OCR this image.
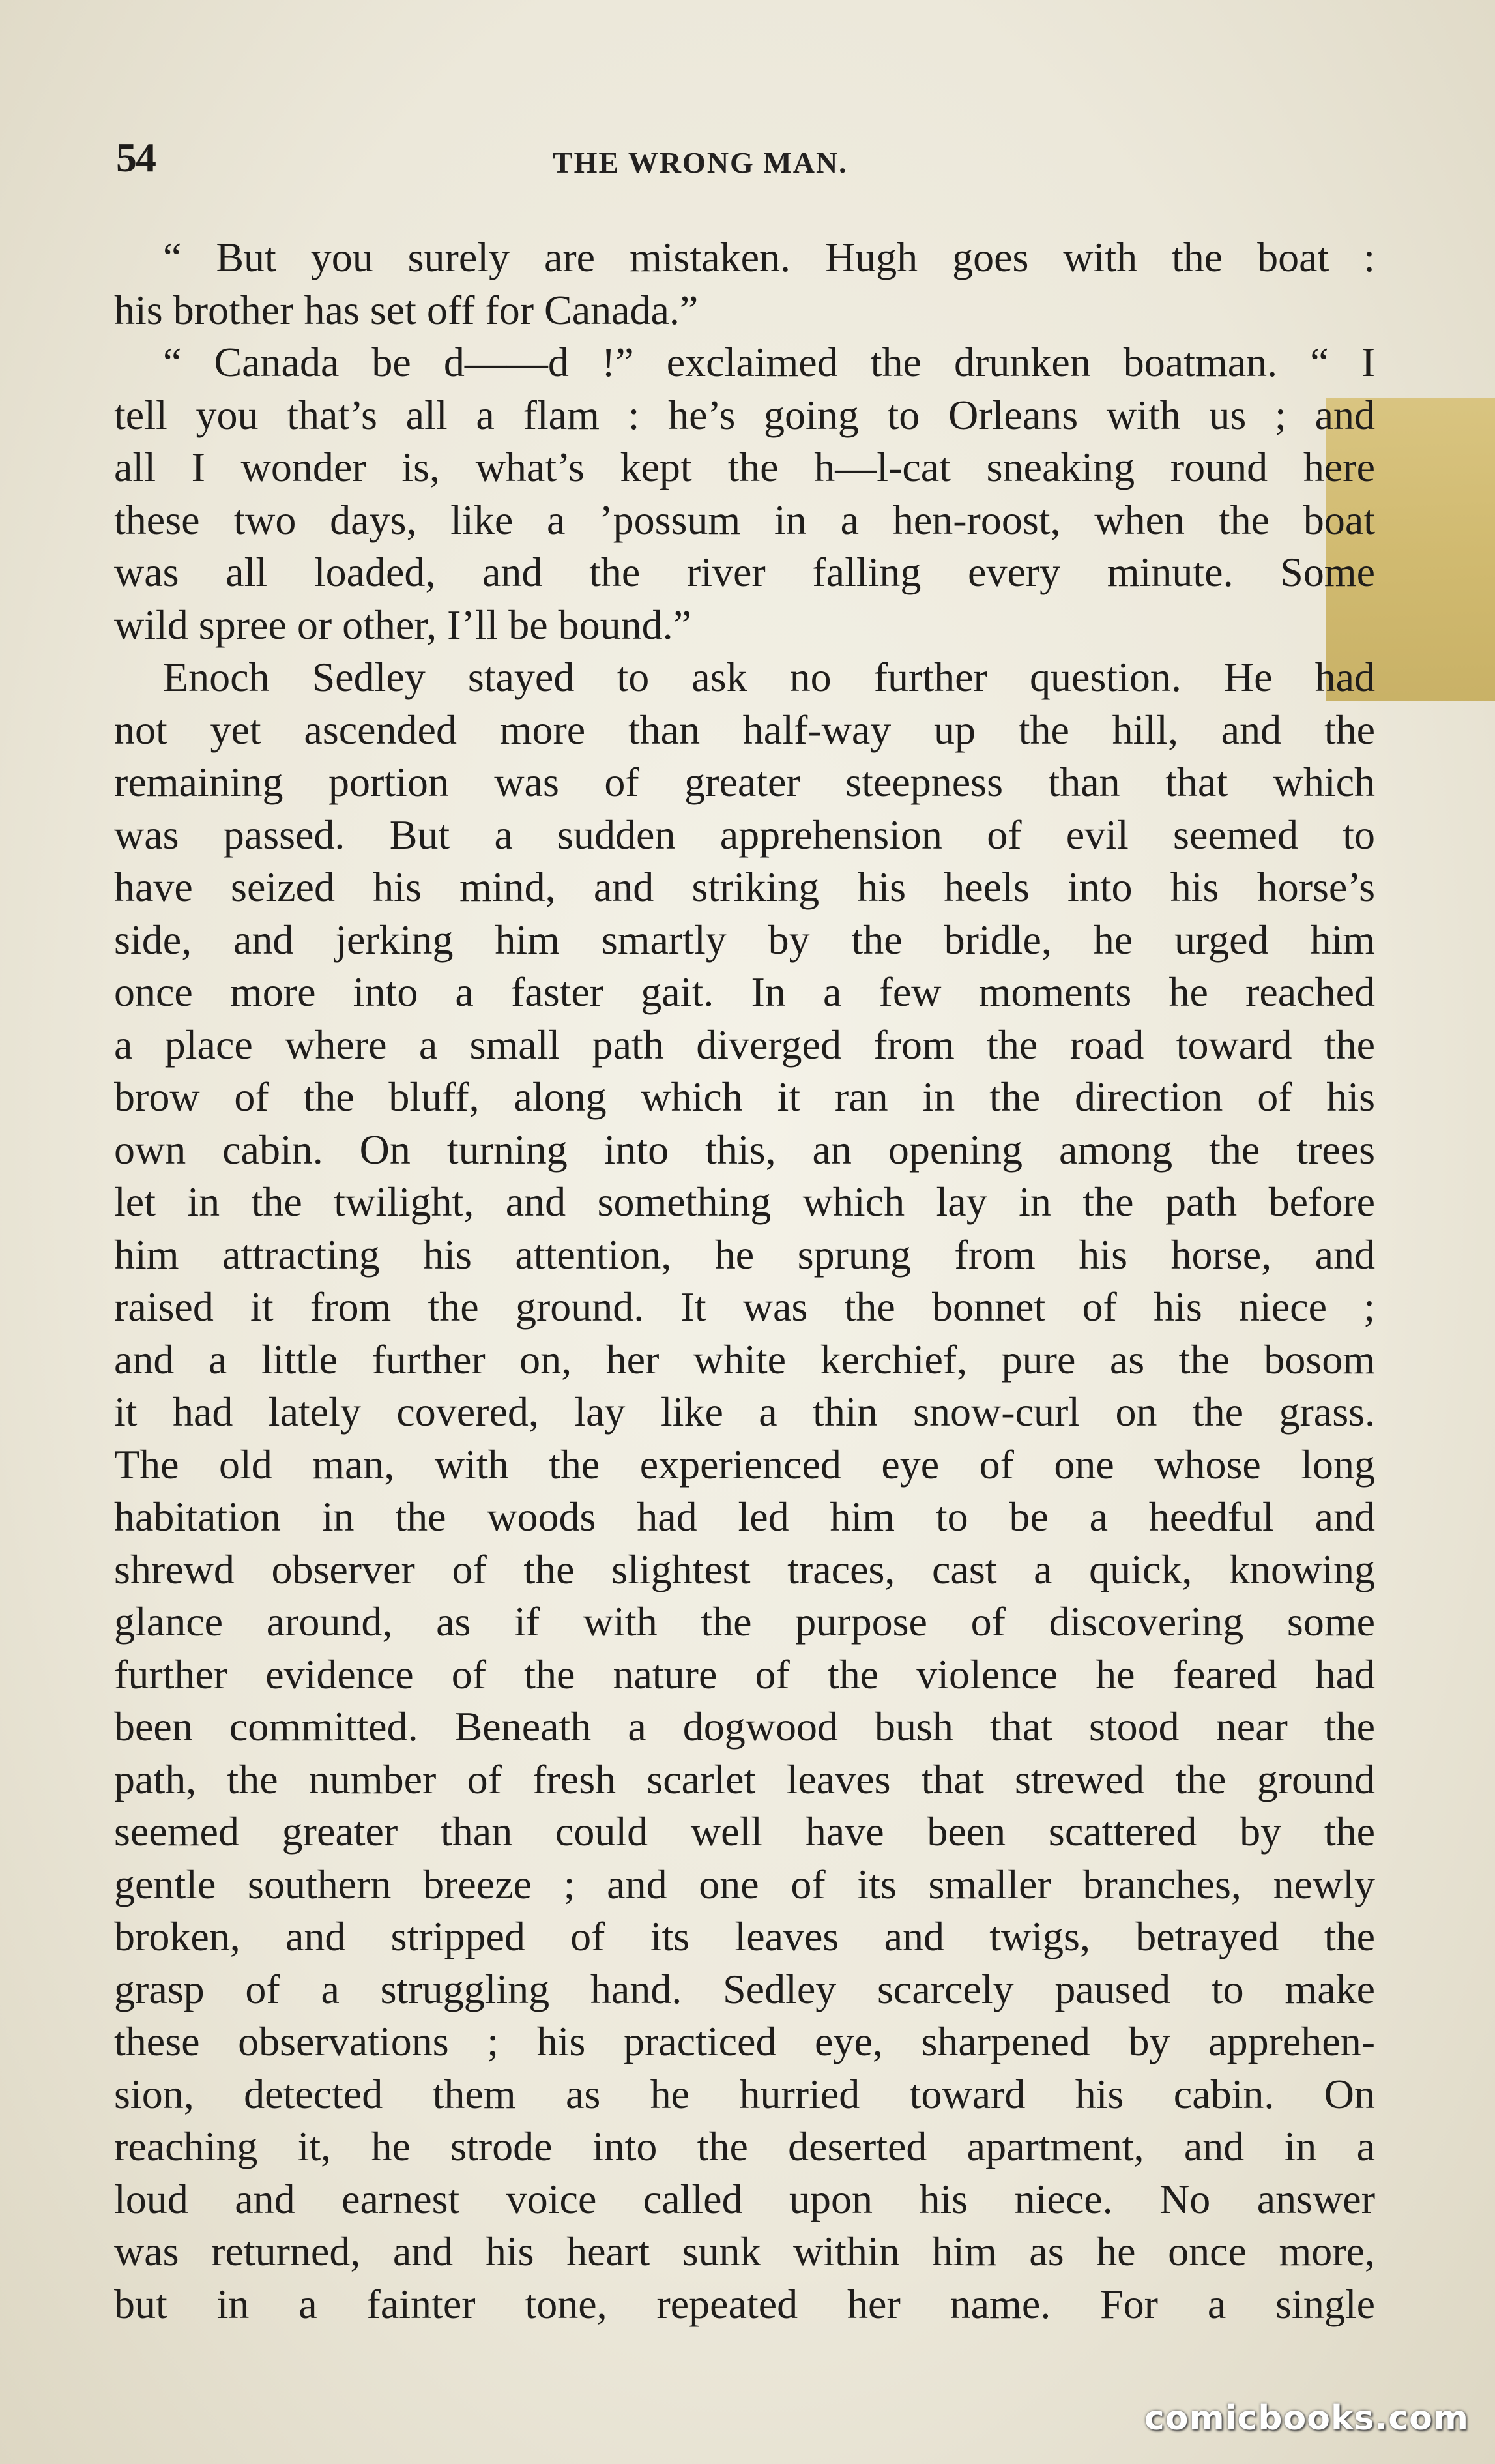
54	THE WRONG MAN.
“ But you surely are mistaken. Hugh goes with the boat :
his brother has set off for Canada.”
“ Canada be d——d !” exclaimed the drunken boatman. “ I
tell you that’s all a flam : he’s going to Orleans with us ; and
all I wonder is, what’s kept the h—l-cat sneaking round here
these two days, like a ’possum in a hen-roost, when the boat
was all loaded, and the river falling every minute. Some
wild spree or other, I’ll be bound.”
Enoch Sedley stayed to ask no further question. He had
not yet ascended more than half-way up the hill, and the
remaining portion was of greater steepness than that which
was passed. But a sudden apprehension of evil seemed to
have seized his mind, and striking his heels into his horse’s
side, and jerking him smartly by the bridle, he urged him
once more into a faster gait. In a few moments he reached
a place where a small path diverged from the road toward the
brow of the bluff, along which it ran in the direction of his
own cabin. On turning into this, an opening among the trees
let in the twilight, and something which lay in the path before
him attracting his attention, he sprung from his horse, and
raised it from the ground. It was the bonnet of his niece ;
and a little further on, her white kerchief, pure as the bosom
it had lately covered, lay like a thin snow-curl on the grass.
The old man, with the experienced eye of one whose long
habitation in the woods had led him to be a heedful and
shrewd observer of the slightest traces, cast a quick, knowing
glance around, as if with the purpose of discovering some
further evidence of the nature of the violence he feared had
been committed. Beneath a dogwood bush that stood near the
path, the number of fresh scarlet leaves that strewed the ground
seemed greater than could well have been scattered by the
gentle southern breeze ; and one of its smaller branches, newly
broken, and stripped of its leaves and twigs, betrayed the
grasp of a struggling hand. Sedley scarcely paused to make
these observations ; his practiced eye, sharpened by apprehen-
sion, detected them as he hurried toward his cabin. On
reaching it, he strode into the deserted apartment, and in a
loud and earnest voice called upon his niece. No answer
was returned, and his heart sunk within him as he once more,
but in a fainter tone, repeated her name. For a single
comicbooks.com
